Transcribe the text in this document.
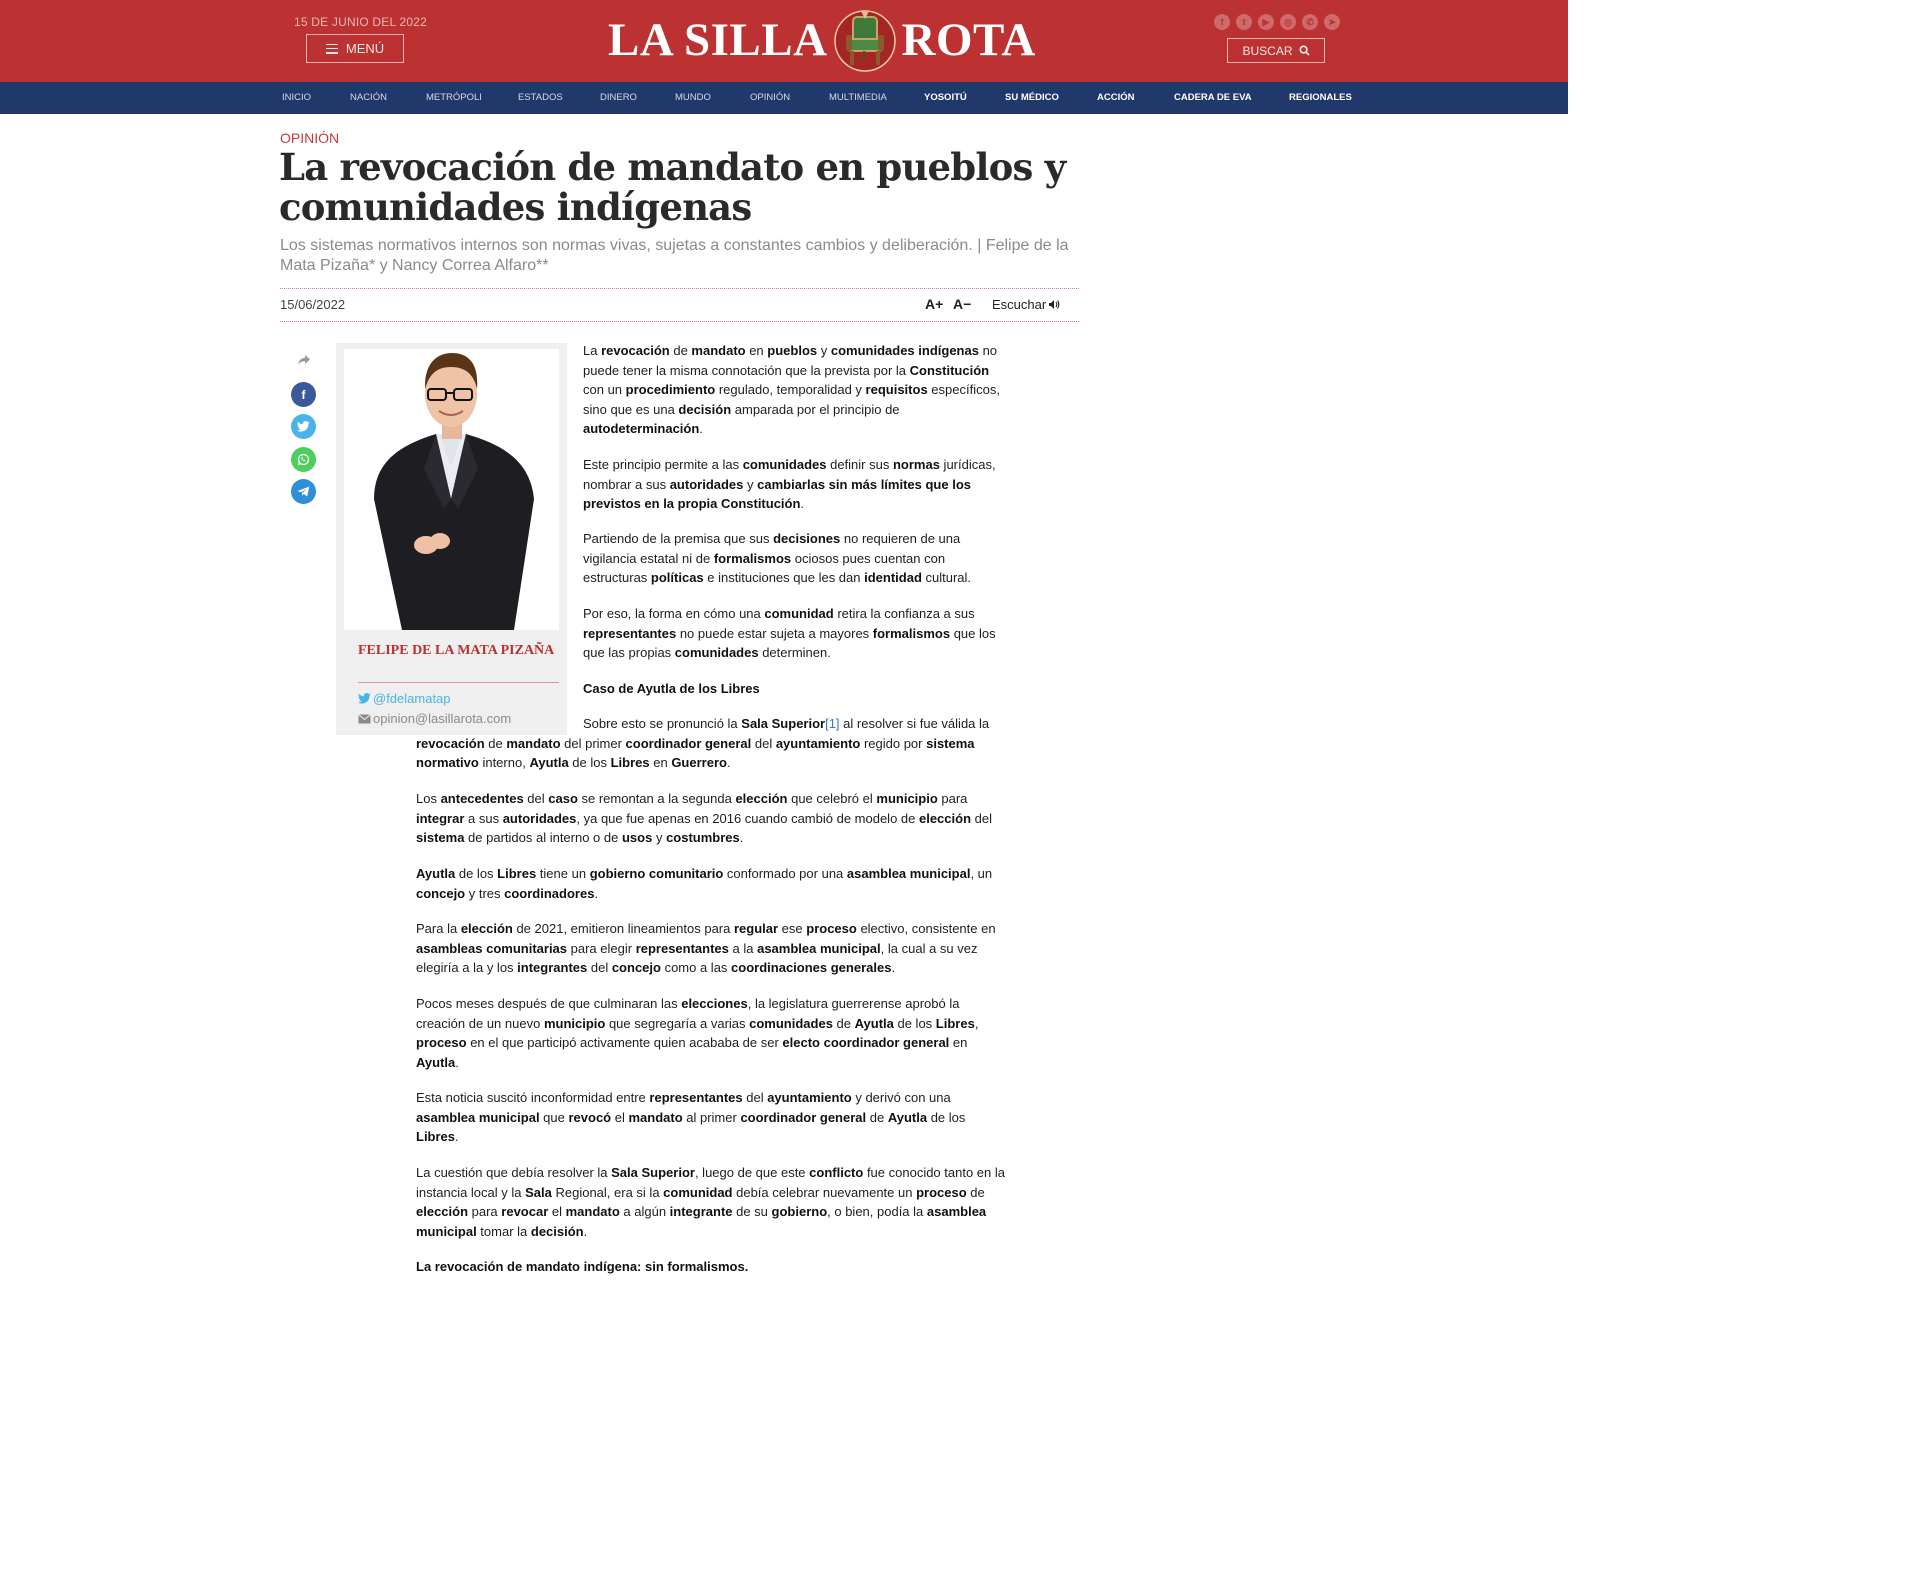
15 DE JUNIO DEL 2022
MENÚ	LA SILLA ROTA	f t ▶ ◎ ✆ ➤
BUSCAR
INICIO	NACIÓN	METRÓPOLI	ESTADOS	DINERO	MUNDO	OPINIÓN	MULTIMEDIA	YOSOITÚ	SU MÉDICO	ACCIÓN	CADERA DE EVA	REGIONALES
OPINIÓN
La revocación de mandato en pueblos y comunidades indígenas
Los sistemas normativos internos son normas vivas, sujetas a constantes cambios y deliberación. | Felipe de la Mata Pizaña* y Nancy Correa Alfaro**
15/06/2022	A+ A− Escuchar
f
FELIPE DE LA MATA PIZAÑA
@fdelamatap
opinion@lasillarota.com

La revocación de mandato en pueblos y comunidades indígenas no puede tener la misma connotación que la prevista por la Constitución con un procedimiento regulado, temporalidad y requisitos específicos, sino que es una decisión amparada por el principio de autodeterminación.

Este principio permite a las comunidades definir sus normas jurídicas, nombrar a sus autoridades y cambiarlas sin más límites que los previstos en la propia Constitución.

Partiendo de la premisa que sus decisiones no requieren de una vigilancia estatal ni de formalismos ociosos pues cuentan con estructuras políticas e instituciones que les dan identidad cultural.

Por eso, la forma en cómo una comunidad retira la confianza a sus representantes no puede estar sujeta a mayores formalismos que los que las propias comunidades determinen.

Caso de Ayutla de los Libres

Sobre esto se pronunció la Sala Superior[1] al resolver si fue válida la revocación de mandato del primer coordinador general del ayuntamiento regido por sistema normativo interno, Ayutla de los Libres en Guerrero.

Los antecedentes del caso se remontan a la segunda elección que celebró el municipio para integrar a sus autoridades, ya que fue apenas en 2016 cuando cambió de modelo de elección del sistema de partidos al interno o de usos y costumbres.

Ayutla de los Libres tiene un gobierno comunitario conformado por una asamblea municipal, un concejo y tres coordinadores.

Para la elección de 2021, emitieron lineamientos para regular ese proceso electivo, consistente en asambleas comunitarias para elegir representantes a la asamblea municipal, la cual a su vez elegiría a la y los integrantes del concejo como a las coordinaciones generales.

Pocos meses después de que culminaran las elecciones, la legislatura guerrerense aprobó la creación de un nuevo municipio que segregaría a varias comunidades de Ayutla de los Libres, proceso en el que participó activamente quien acababa de ser electo coordinador general en Ayutla.

Esta noticia suscitó inconformidad entre representantes del ayuntamiento y derivó con una asamblea municipal que revocó el mandato al primer coordinador general de Ayutla de los Libres.

La cuestión que debía resolver la Sala Superior, luego de que este conflicto fue conocido tanto en la instancia local y la Sala Regional, era si la comunidad debía celebrar nuevamente un proceso de elección para revocar el mandato a algún integrante de su gobierno, o bien, podía la asamblea municipal tomar la decisión.

La revocación de mandato indígena: sin formalismos.
